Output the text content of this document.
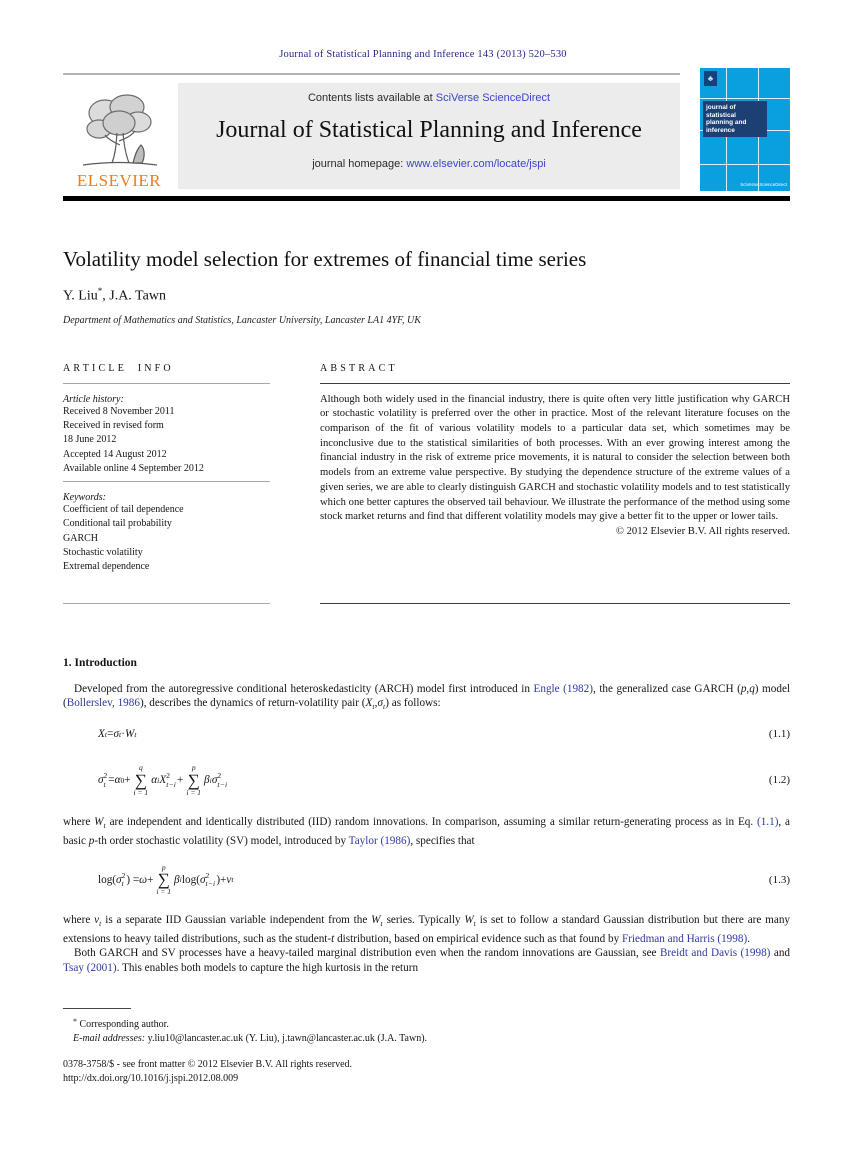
Journal of Statistical Planning and Inference 143 (2013) 520–530
ELSEVIER
Contents lists available at SciVerse ScienceDirect
Journal of Statistical Planning and Inference
journal homepage: www.elsevier.com/locate/jspi
♣
journal of statistical planning and inference
SciVerse ScienceDirect
Volatility model selection for extremes of financial time series
Y. Liu*, J.A. Tawn
Department of Mathematics and Statistics, Lancaster University, Lancaster LA1 4YF, UK
ARTICLE INFO
Article history:
Received 8 November 2011
Received in revised form
18 June 2012
Accepted 14 August 2012
Available online 4 September 2012
Keywords:
Coefficient of tail dependence
Conditional tail probability
GARCH
Stochastic volatility
Extremal dependence
ABSTRACT
Although both widely used in the financial industry, there is quite often very little justification why GARCH or stochastic volatility is preferred over the other in practice. Most of the relevant literature focuses on the comparison of the fit of various volatility models to a particular data set, which sometimes may be inconclusive due to the statistical similarities of both processes. With an ever growing interest among the financial industry in the risk of extreme price movements, it is natural to consider the selection between both models from an extreme value perspective. By studying the dependence structure of the extreme values of a given series, we are able to clearly distinguish GARCH and stochastic volatility models and to test statistically which one better captures the observed tail behaviour. We illustrate the performance of the method using some stock market returns and find that different volatility models may give a better fit to the upper or lower tails.
© 2012 Elsevier B.V. All rights reserved.
1. Introduction

Developed from the autoregressive conditional heteroskedasticity (ARCH) model first introduced in Engle (1982), the generalized case GARCH (p,q) model (Bollerslev, 1986), describes the dynamics of return-volatility pair $(X_t,\sigma_t)$ as follows:

X t = σ t · W t	(1.1)
σ 2
t = α 0 +
q
∑
i = 1
α i X 2
t−i +
p
∑
i = 1
β i σ 2
t−i	(1.2)

where $W_t$ are independent and identically distributed (IID) random innovations. In comparison, assuming a similar return-generating process as in Eq. (1.1), a basic p-th order stochastic volatility (SV) model, introduced by Taylor (1986), specifies that

log( σ 2
t ) = ω +
p
∑
i = 1
β i log( σ 2
t−i )+ v t	(1.3)

where $v_t$ is a separate IID Gaussian variable independent from the $W_t$ series. Typically $W_t$ is set to follow a standard Gaussian distribution but there are many extensions to heavy tailed distributions, such as the student-t distribution, based on empirical evidence such as that found by Friedman and Harris (1998).

Both GARCH and SV processes have a heavy-tailed marginal distribution even when the random innovations are Gaussian, see Breidt and Davis (1998) and Tsay (2001). This enables both models to capture the high kurtosis in the return

* Corresponding author.
E-mail addresses: y.liu10@lancaster.ac.uk (Y. Liu), j.tawn@lancaster.ac.uk (J.A. Tawn).
0378-3758/$ - see front matter © 2012 Elsevier B.V. All rights reserved.
http://dx.doi.org/10.1016/j.jspi.2012.08.009
